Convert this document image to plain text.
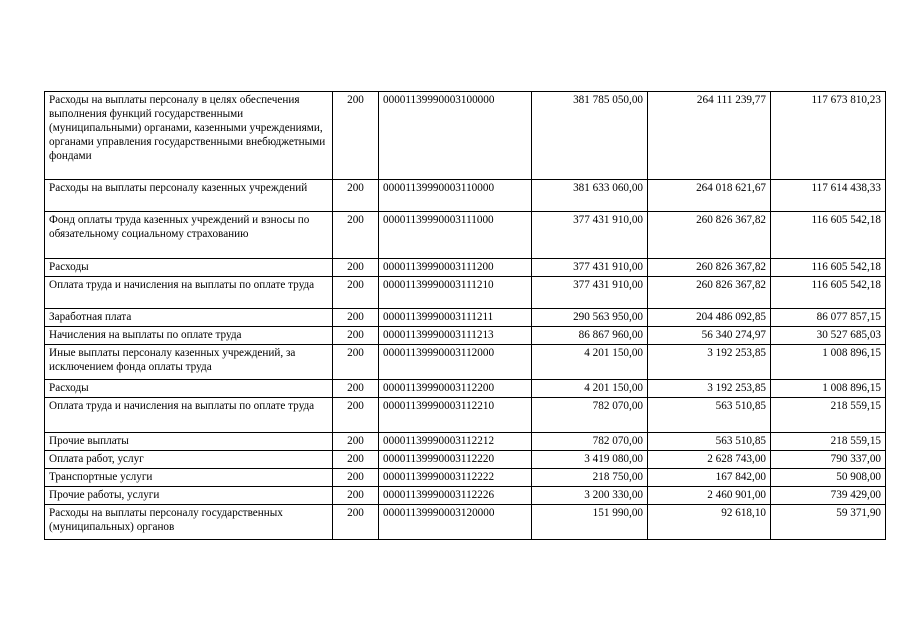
Расходы на выплаты персоналу в целях обеспечения выполнения функций государственными (муниципальными) органами, казенными учреждениями, органами управления государственными внебюджетными фондами	200	00001139990003100000	381 785 050,00	264 111 239,77	117 673 810,23
Расходы на выплаты персоналу казенных учреждений	200	00001139990003110000	381 633 060,00	264 018 621,67	117 614 438,33
Фонд оплаты труда казенных учреждений и взносы по обязательному социальному страхованию	200	00001139990003111000	377 431 910,00	260 826 367,82	116 605 542,18
Расходы	200	00001139990003111200	377 431 910,00	260 826 367,82	116 605 542,18
Оплата труда и начисления на выплаты по оплате труда	200	00001139990003111210	377 431 910,00	260 826 367,82	116 605 542,18
Заработная плата	200	00001139990003111211	290 563 950,00	204 486 092,85	86 077 857,15
Начисления на выплаты по оплате труда	200	00001139990003111213	86 867 960,00	56 340 274,97	30 527 685,03
Иные выплаты персоналу казенных учреждений, за исключением фонда оплаты труда	200	00001139990003112000	4 201 150,00	3 192 253,85	1 008 896,15
Расходы	200	00001139990003112200	4 201 150,00	3 192 253,85	1 008 896,15
Оплата труда и начисления на выплаты по оплате труда	200	00001139990003112210	782 070,00	563 510,85	218 559,15
Прочие выплаты	200	00001139990003112212	782 070,00	563 510,85	218 559,15
Оплата работ, услуг	200	00001139990003112220	3 419 080,00	2 628 743,00	790 337,00
Транспортные услуги	200	00001139990003112222	218 750,00	167 842,00	50 908,00
Прочие работы, услуги	200	00001139990003112226	3 200 330,00	2 460 901,00	739 429,00
Расходы на выплаты персоналу государственных (муниципальных) органов	200	00001139990003120000	151 990,00	92 618,10	59 371,90
